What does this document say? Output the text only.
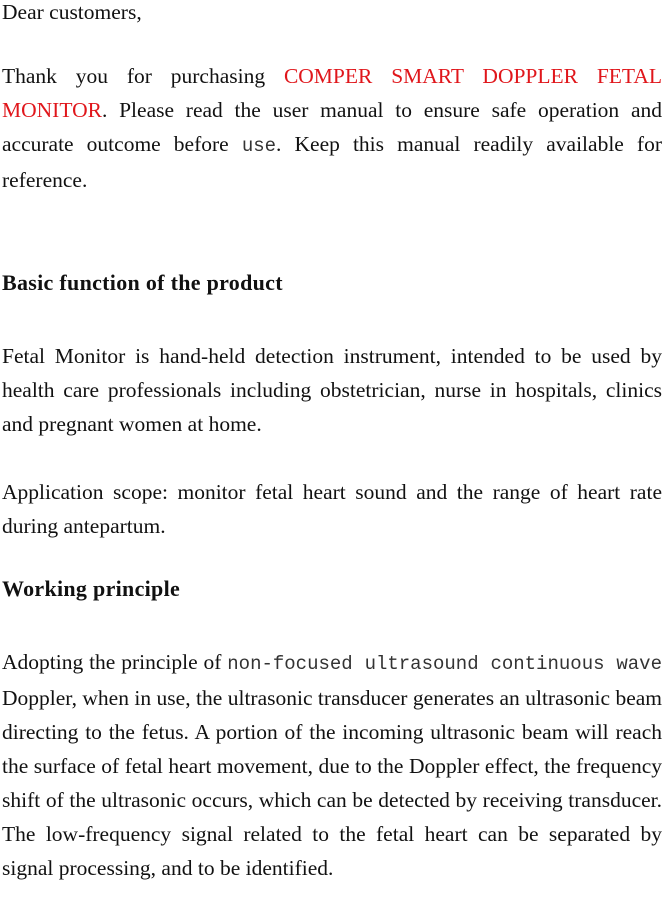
Dear customers,
Thank you for purchasing COMPER SMART DOPPLER FETAL MONITOR. Please read the user manual to ensure safe operation and accurate outcome before use. Keep this manual readily available for reference.
Basic function of the product
Fetal Monitor is hand-held detection instrument, intended to be used by health care professionals including obstetrician, nurse in hospitals, clinics and pregnant women at home.
Application scope: monitor fetal heart sound and the range of heart rate during antepartum.
Working principle
Adopting the principle of non-focused ultrasound continuous wave Doppler, when in use, the ultrasonic transducer generates an ultrasonic beam directing to the fetus. A portion of the incoming ultrasonic beam will reach the surface of fetal heart movement, due to the Doppler effect, the frequency shift of the ultrasonic occurs, which can be detected by receiving transducer. The low-frequency signal related to the fetal heart can be separated by signal processing, and to be identified.
